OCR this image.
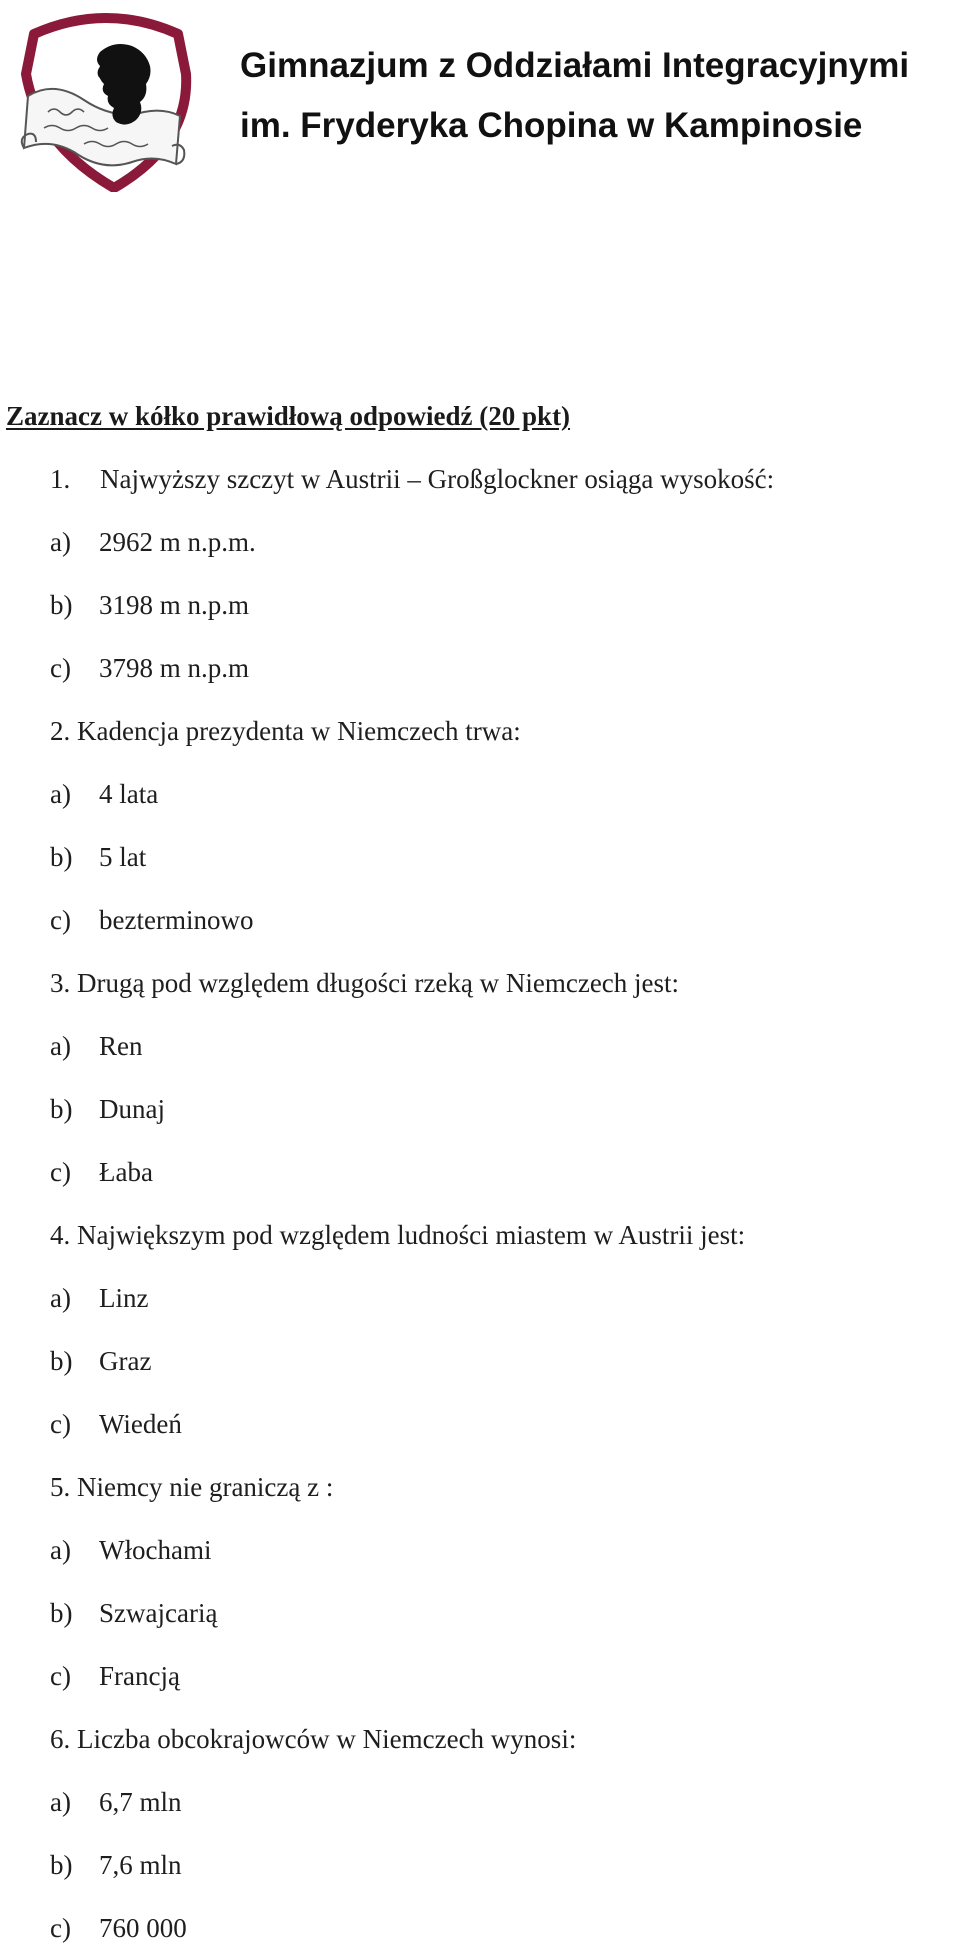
Gimnazjum z Oddziałami Integracyjnymi
im. Fryderyka Chopina w Kampinosie
Zaznacz w kółko prawidłową odpowiedź (20 pkt)
1. Najwyższy szczyt w Austrii – Großglockner osiąga wysokość:
a) 2962 m n.p.m.
b) 3198 m n.p.m
c) 3798 m n.p.m
2. Kadencja prezydenta w Niemczech trwa:
a) 4 lata
b) 5 lat
c) bezterminowo
3. Drugą pod względem długości rzeką w Niemczech jest:
a) Ren
b) Dunaj
c) Łaba
4. Największym pod względem ludności miastem w Austrii jest:
a) Linz
b) Graz
c) Wiedeń
5. Niemcy nie graniczą z :
a) Włochami
b) Szwajcarią
c) Francją
6. Liczba obcokrajowców w Niemczech wynosi:
a) 6,7 mln
b) 7,6 mln
c) 760 000
